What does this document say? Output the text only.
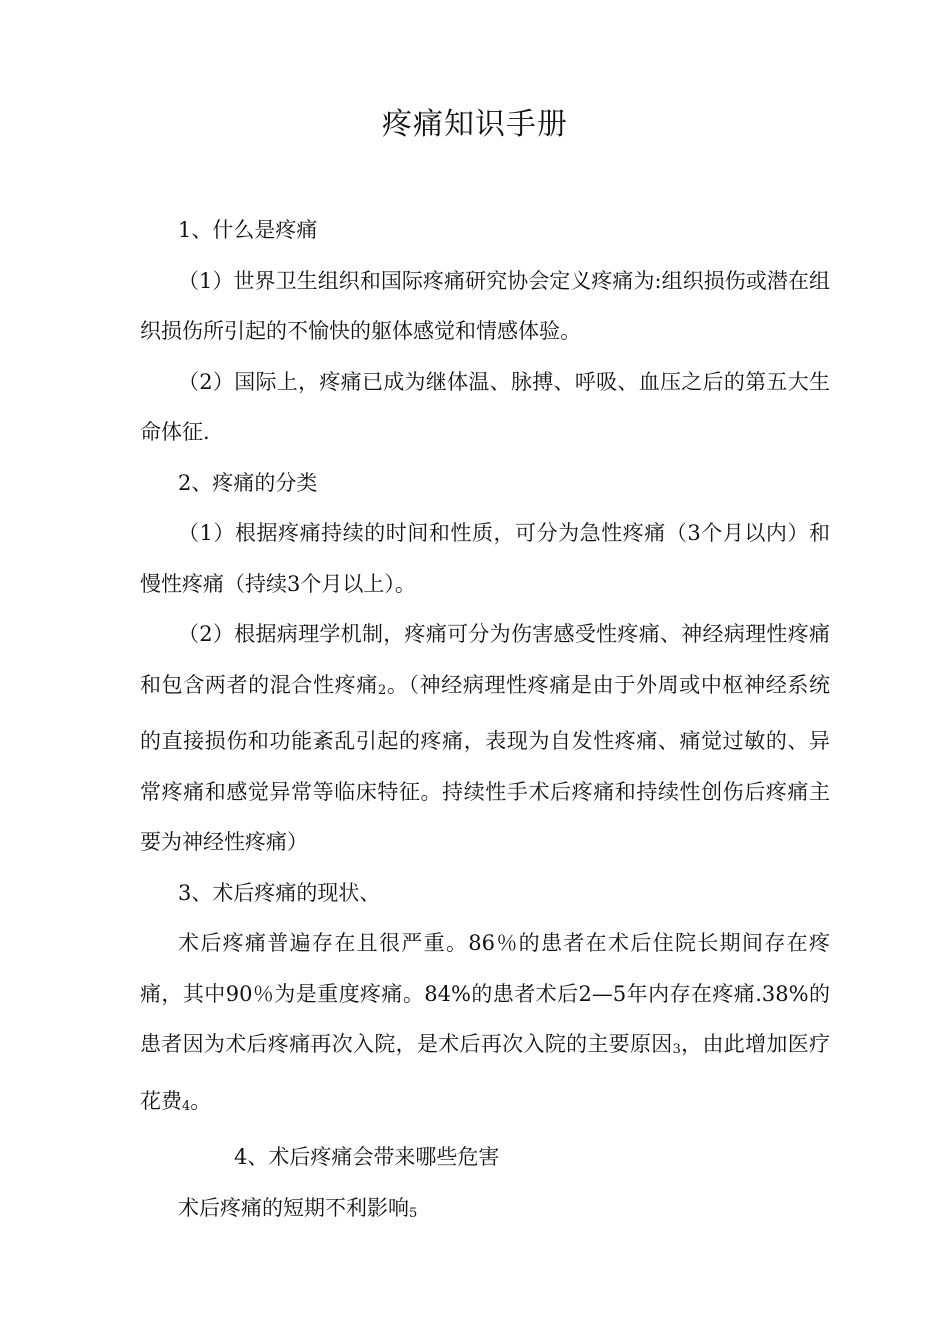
疼痛知识手册

1、什么是疼痛

（1）世界卫生组织和国际疼痛研究协会定义疼痛为:组织损伤或潜在组织损伤所引起的不愉快的躯体感觉和情感体验。

（2）国际上，疼痛已成为继体温、脉搏、呼吸、血压之后的第五大生命体征.

2、疼痛的分类

（1）根据疼痛持续的时间和性质，可分为急性疼痛（3个月以内）和慢性疼痛（持续3个月以上）。

（2）根据病理学机制，疼痛可分为伤害感受性疼痛、神经病理性疼痛和包含两者的混合性疼痛2。（神经病理性疼痛是由于外周或中枢神经系统的直接损伤和功能紊乱引起的疼痛，表现为自发性疼痛、痛觉过敏的、异常疼痛和感觉异常等临床特征。持续性手术后疼痛和持续性创伤后疼痛主要为神经性疼痛）

3、术后疼痛的现状、

术后疼痛普遍存在且很严重。86％的患者在术后住院长期间存在疼痛，其中90％为是重度疼痛。84%的患者术后2—5年内存在疼痛.38%的患者因为术后疼痛再次入院，是术后再次入院的主要原因3，由此增加医疗花费4。

4、术后疼痛会带来哪些危害

术后疼痛的短期不利影响5
